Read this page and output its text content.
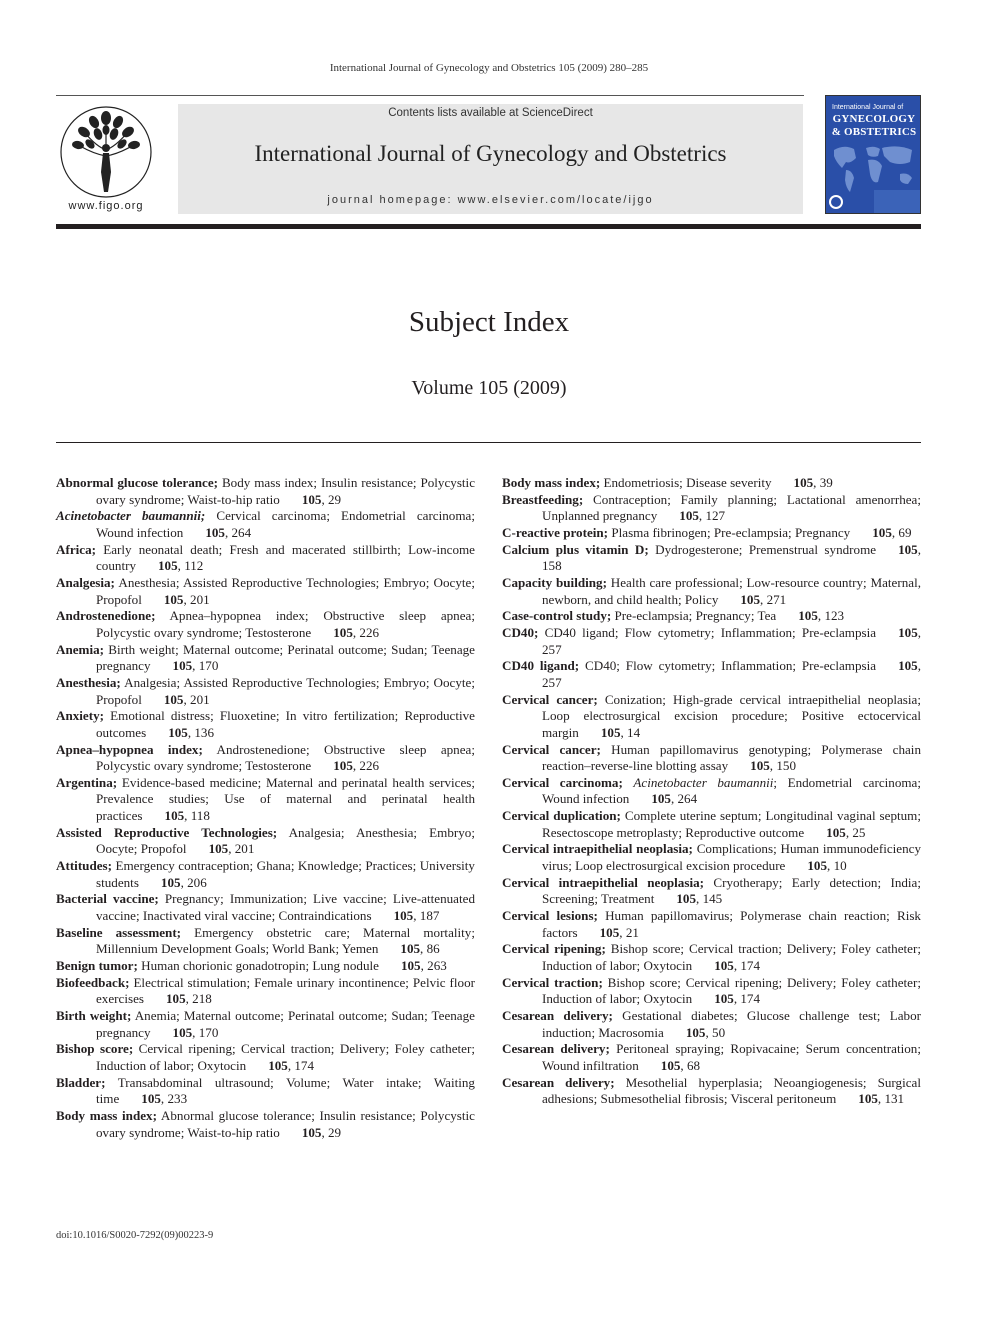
International Journal of Gynecology and Obstetrics 105 (2009) 280–285
www.figo.org
Contents lists available at ScienceDirect
International Journal of Gynecology and Obstetrics
journal homepage: www.elsevier.com/locate/ijgo
International Journal of
GYNECOLOGY
& OBSTETRICS
Subject Index
Volume 105 (2009)
Abnormal glucose tolerance; Body mass index; Insulin resistance; Polycystic ovary syndrome; Waist-to-hip ratio 105, 29
Acinetobacter baumannii; Cervical carcinoma; Endometrial carcinoma; Wound infection 105, 264
Africa; Early neonatal death; Fresh and macerated stillbirth; Low-income country 105, 112
Analgesia; Anesthesia; Assisted Reproductive Technologies; Embryo; Oocyte; Propofol 105, 201
Androstenedione; Apnea–hypopnea index; Obstructive sleep apnea; Polycystic ovary syndrome; Testosterone 105, 226
Anemia; Birth weight; Maternal outcome; Perinatal outcome; Sudan; Teenage pregnancy 105, 170
Anesthesia; Analgesia; Assisted Reproductive Technologies; Embryo; Oocyte; Propofol 105, 201
Anxiety; Emotional distress; Fluoxetine; In vitro fertilization; Reproductive outcomes 105, 136
Apnea–hypopnea index; Androstenedione; Obstructive sleep apnea; Polycystic ovary syndrome; Testosterone 105, 226
Argentina; Evidence-based medicine; Maternal and perinatal health services; Prevalence studies; Use of maternal and perinatal health practices 105, 118
Assisted Reproductive Technologies; Analgesia; Anesthesia; Embryo; Oocyte; Propofol 105, 201
Attitudes; Emergency contraception; Ghana; Knowledge; Practices; University students 105, 206
Bacterial vaccine; Pregnancy; Immunization; Live vaccine; Live-attenuated vaccine; Inactivated viral vaccine; Contraindications 105, 187
Baseline assessment; Emergency obstetric care; Maternal mortality; Millennium Development Goals; World Bank; Yemen 105, 86
Benign tumor; Human chorionic gonadotropin; Lung nodule 105, 263
Biofeedback; Electrical stimulation; Female urinary incontinence; Pelvic floor exercises 105, 218
Birth weight; Anemia; Maternal outcome; Perinatal outcome; Sudan; Teenage pregnancy 105, 170
Bishop score; Cervical ripening; Cervical traction; Delivery; Foley catheter; Induction of labor; Oxytocin 105, 174
Bladder; Transabdominal ultrasound; Volume; Water intake; Waiting time 105, 233
Body mass index; Abnormal glucose tolerance; Insulin resistance; Polycystic ovary syndrome; Waist-to-hip ratio 105, 29
Body mass index; Endometriosis; Disease severity 105, 39
Breastfeeding; Contraception; Family planning; Lactational amenorrhea; Unplanned pregnancy 105, 127
C-reactive protein; Plasma fibrinogen; Pre-eclampsia; Pregnancy 105, 69
Calcium plus vitamin D; Dydrogesterone; Premenstrual syndrome 105, 158
Capacity building; Health care professional; Low-resource country; Maternal, newborn, and child health; Policy 105, 271
Case-control study; Pre-eclampsia; Pregnancy; Tea 105, 123
CD40; CD40 ligand; Flow cytometry; Inflammation; Pre-eclampsia 105, 257
CD40 ligand; CD40; Flow cytometry; Inflammation; Pre-eclampsia 105, 257
Cervical cancer; Conization; High-grade cervical intraepithelial neoplasia; Loop electrosurgical excision procedure; Positive ectocervical margin 105, 14
Cervical cancer; Human papillomavirus genotyping; Polymerase chain reaction–reverse-line blotting assay 105, 150
Cervical carcinoma; Acinetobacter baumannii; Endometrial carcinoma; Wound infection 105, 264
Cervical duplication; Complete uterine septum; Longitudinal vaginal septum; Resectoscope metroplasty; Reproductive outcome 105, 25
Cervical intraepithelial neoplasia; Complications; Human immunodeficiency virus; Loop electrosurgical excision procedure 105, 10
Cervical intraepithelial neoplasia; Cryotherapy; Early detection; India; Screening; Treatment 105, 145
Cervical lesions; Human papillomavirus; Polymerase chain reaction; Risk factors 105, 21
Cervical ripening; Bishop score; Cervical traction; Delivery; Foley catheter; Induction of labor; Oxytocin 105, 174
Cervical traction; Bishop score; Cervical ripening; Delivery; Foley catheter; Induction of labor; Oxytocin 105, 174
Cesarean delivery; Gestational diabetes; Glucose challenge test; Labor induction; Macrosomia 105, 50
Cesarean delivery; Peritoneal spraying; Ropivacaine; Serum concentration; Wound infiltration 105, 68
Cesarean delivery; Mesothelial hyperplasia; Neoangiogenesis; Surgical adhesions; Submesothelial fibrosis; Visceral peritoneum 105, 131
doi:10.1016/S0020-7292(09)00223-9
